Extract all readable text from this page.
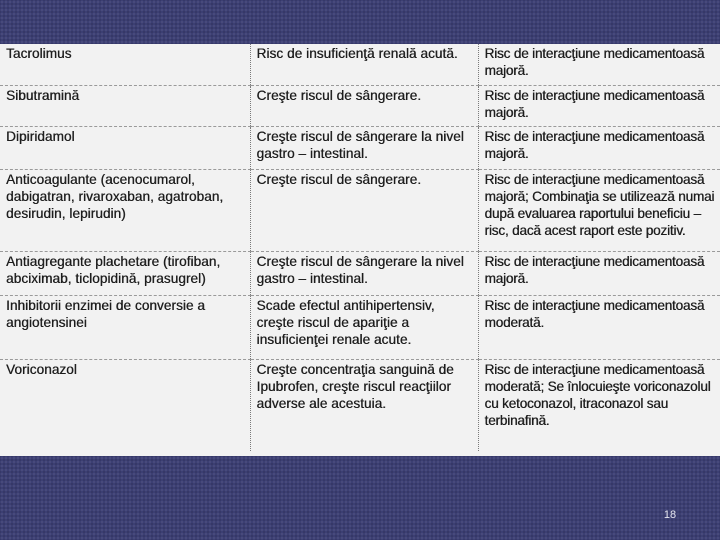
Tacrolimus	Risc de insuficienţă renală acută.	Risc de interacţiune medicamentoasă majoră.
Sibutramină	Creşte riscul de sângerare.	Risc de interacţiune medicamentoasă majoră.
Dipiridamol	Creşte riscul de sângerare la nivel gastro – intestinal.	Risc de interacţiune medicamentoasă majoră.
Anticoagulante (acenocumarol, dabigatran, rivaroxaban, agatroban, desirudin, lepirudin)	Creşte riscul de sângerare.	Risc de interacţiune medicamentoasă majoră; Combinaţia se utilizează numai după evaluarea raportului beneficiu – risc, dacă acest raport este pozitiv.
Antiagregante plachetare (tirofiban, abciximab, ticlopidină, prasugrel)	Creşte riscul de sângerare la nivel gastro – intestinal.	Risc de interacţiune medicamentoasă majoră.
Inhibitorii enzimei de conversie a angiotensinei	Scade efectul antihipertensiv, creşte riscul de apariţie a insuficienţei renale acute.	Risc de interacţiune medicamentoasă moderată.
Voriconazol	Creşte concentraţia sanguină de Ipubrofen, creşte riscul reacţiilor adverse ale acestuia.	Risc de interacţiune medicamentoasă moderată; Se înlocuieşte voriconazolul cu ketoconazol, itraconazol sau terbinafină.
18
